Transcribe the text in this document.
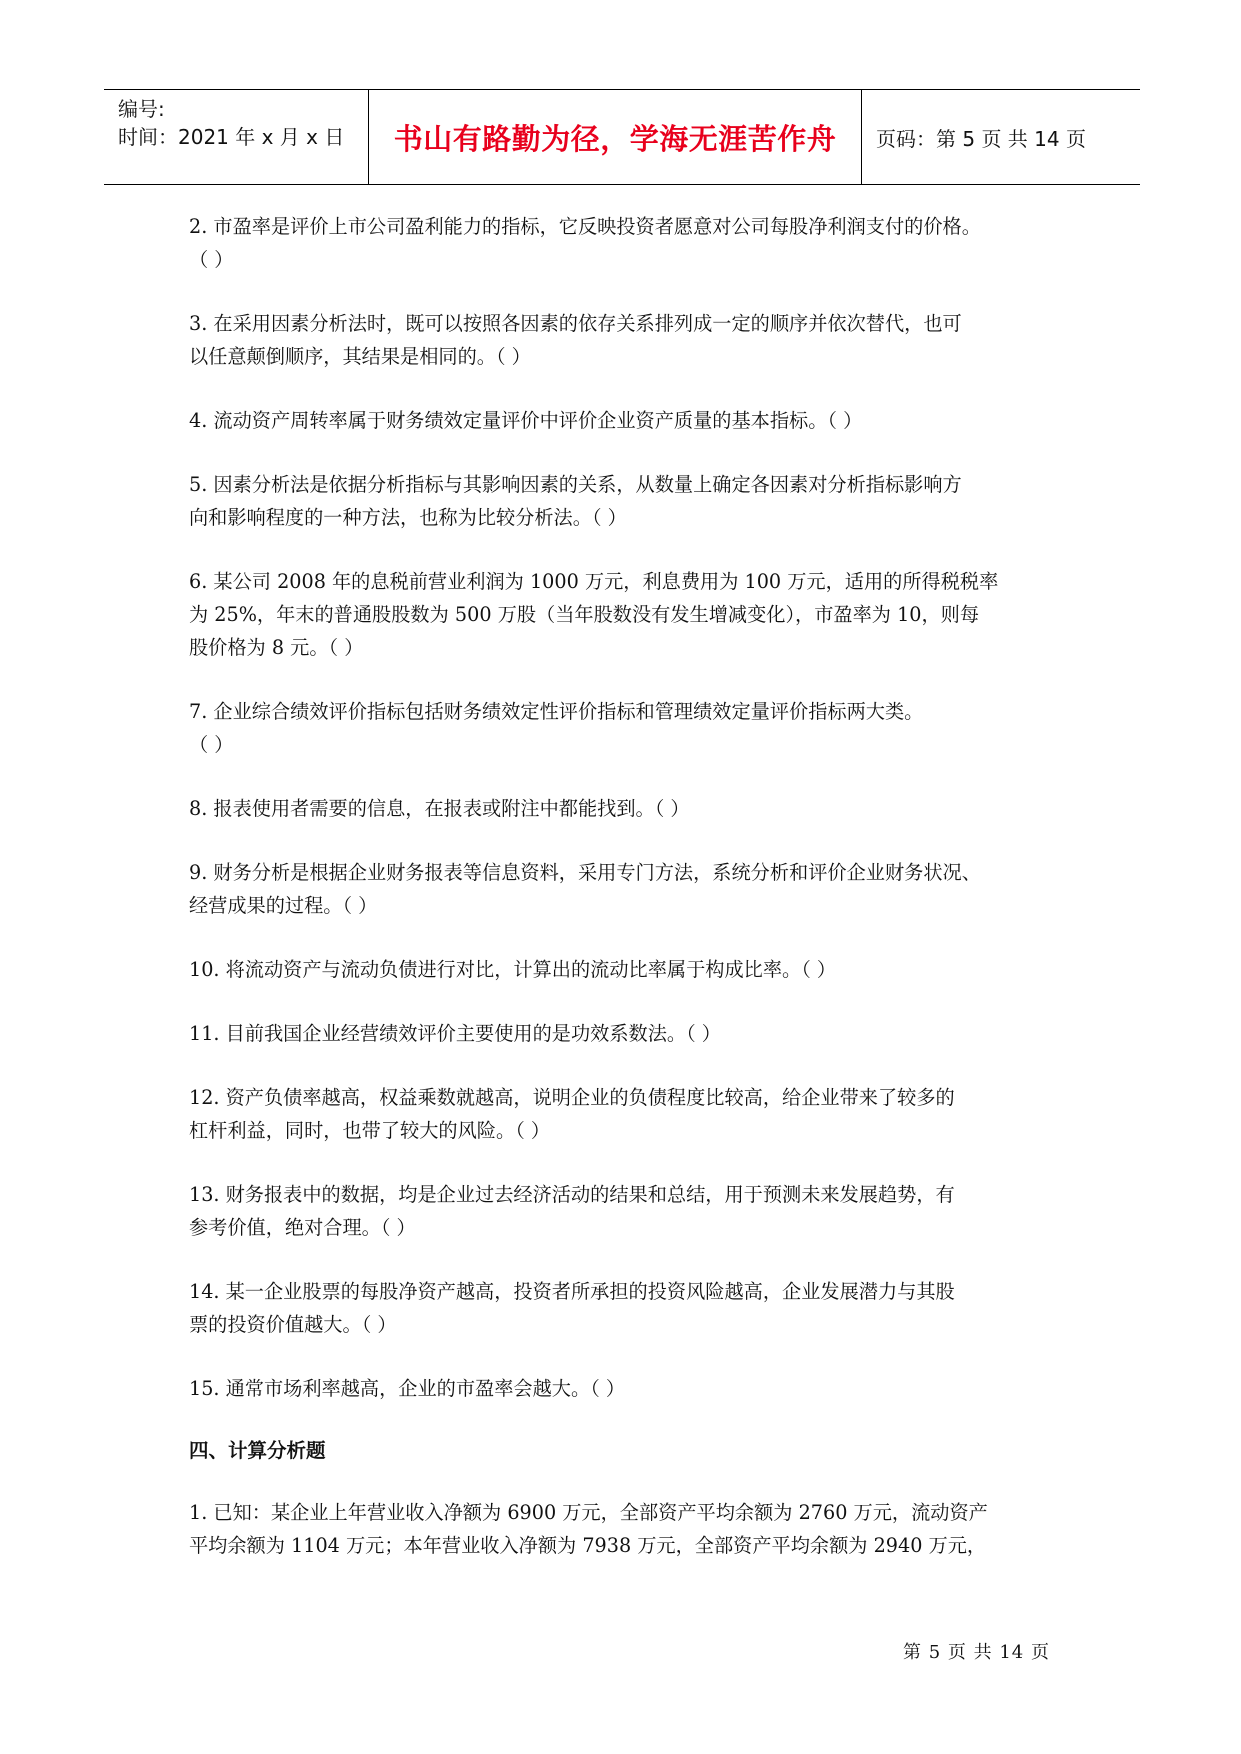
编号:
时间：2021 年 x 月 x 日 书山有路勤为径，学海无涯苦作舟 页码：第 5 页 共 14 页
2. 市盈率是评价上市公司盈利能力的指标，它反映投资者愿意对公司每股净利润支付的价格。
（ ）
3. 在采用因素分析法时，既可以按照各因素的依存关系排列成一定的顺序并依次替代，也可
以任意颠倒顺序，其结果是相同的。（ ）
4. 流动资产周转率属于财务绩效定量评价中评价企业资产质量的基本指标。（ ）
5. 因素分析法是依据分析指标与其影响因素的关系，从数量上确定各因素对分析指标影响方
向和影响程度的一种方法，也称为比较分析法。（ ）
6. 某公司 2008 年的息税前营业利润为 1000 万元，利息费用为 100 万元，适用的所得税税率
为 25%，年末的普通股股数为 500 万股（当年股数没有发生增减变化），市盈率为 10，则每
股价格为 8 元。（ ）
7. 企业综合绩效评价指标包括财务绩效定性评价指标和管理绩效定量评价指标两大类。
（ ）
8. 报表使用者需要的信息，在报表或附注中都能找到。（ ）
9. 财务分析是根据企业财务报表等信息资料，采用专门方法，系统分析和评价企业财务状况、
经营成果的过程。（ ）
10. 将流动资产与流动负债进行对比，计算出的流动比率属于构成比率。（ ）
11. 目前我国企业经营绩效评价主要使用的是功效系数法。（ ）
12. 资产负债率越高，权益乘数就越高，说明企业的负债程度比较高，给企业带来了较多的
杠杆利益，同时，也带了较大的风险。（ ）
13. 财务报表中的数据，均是企业过去经济活动的结果和总结，用于预测未来发展趋势，有
参考价值，绝对合理。（ ）
14. 某一企业股票的每股净资产越高，投资者所承担的投资风险越高，企业发展潜力与其股
票的投资价值越大。（ ）
15. 通常市场利率越高，企业的市盈率会越大。（ ）
四、计算分析题
1. 已知：某企业上年营业收入净额为 6900 万元，全部资产平均余额为 2760 万元，流动资产
平均余额为 1104 万元；本年营业收入净额为 7938 万元，全部资产平均余额为 2940 万元，
第 5 页 共 14 页
